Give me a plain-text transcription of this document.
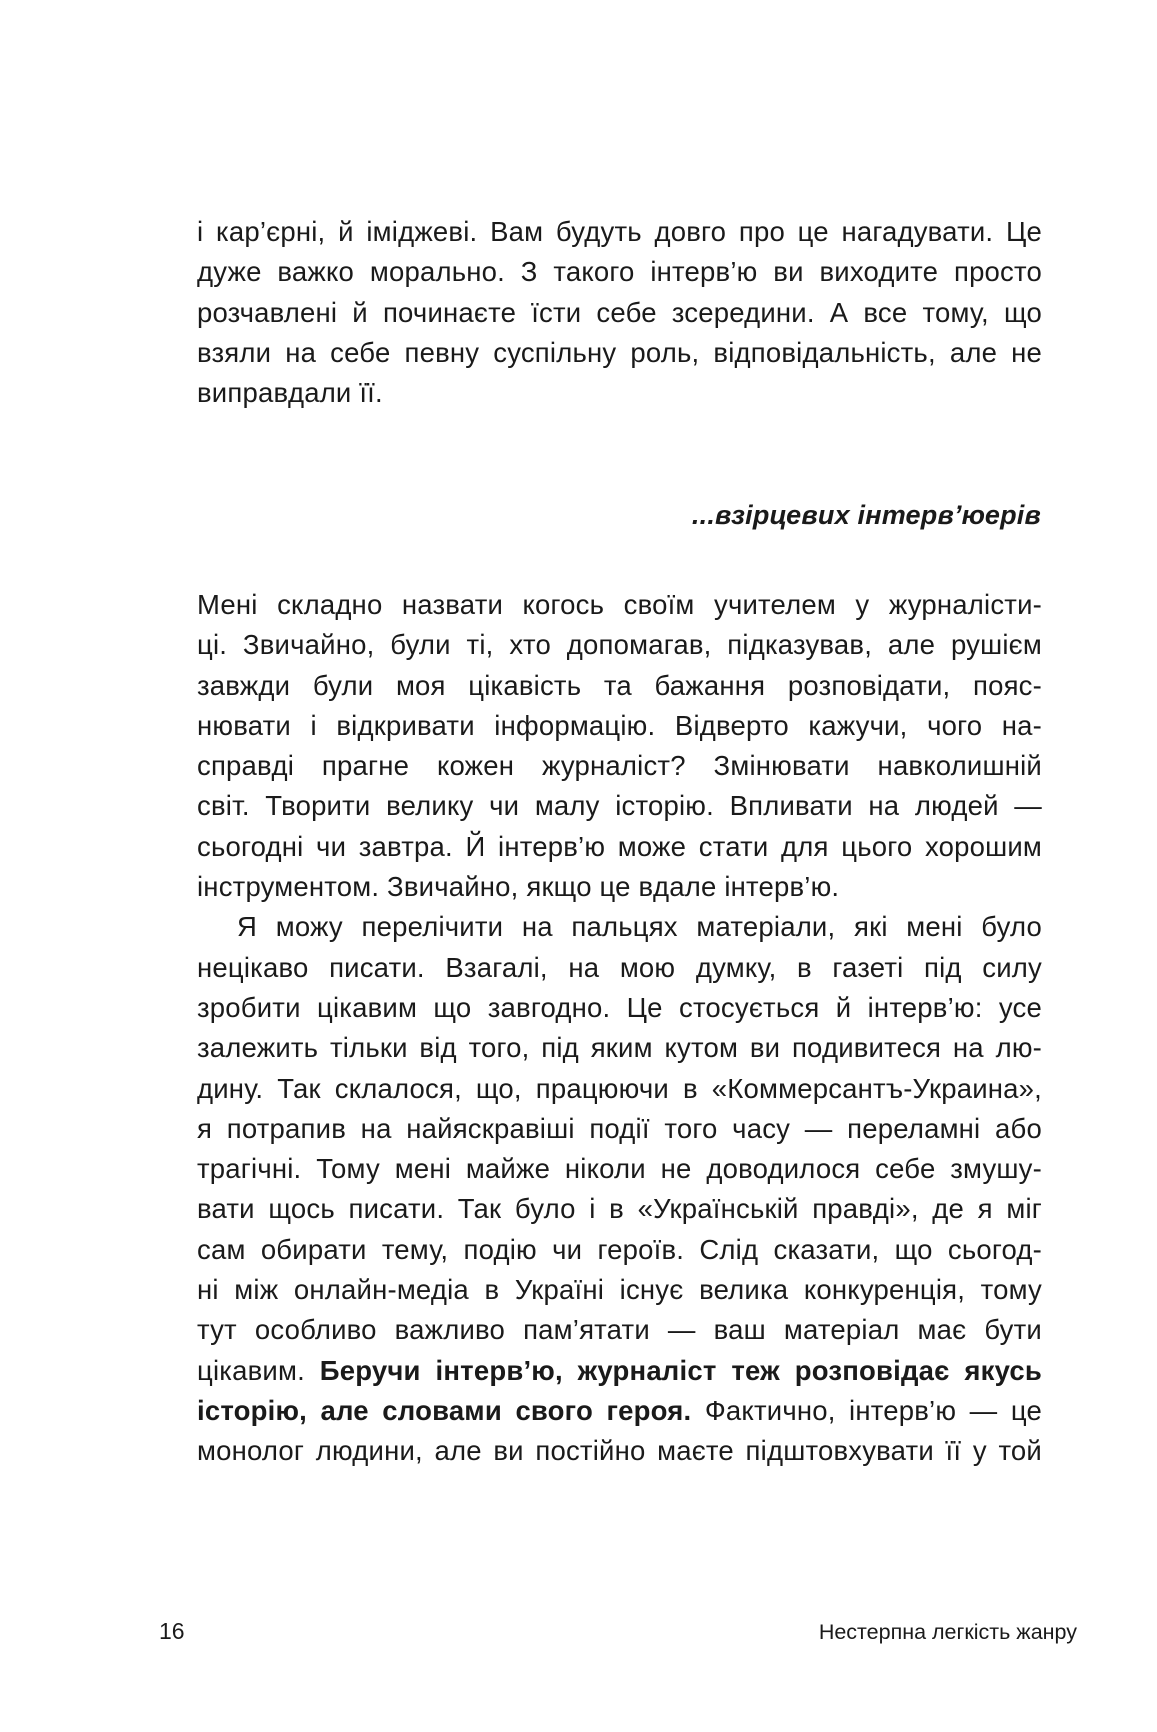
і кар’єрні, й іміджеві. Вам будуть довго про це нагадувати. Це
дуже важко морально. З такого інтерв’ю ви виходите просто
розчавлені й починаєте їсти себе зсередини. А все тому, що
взяли на себе певну суспільну роль, відповідальність, але не
виправдали її.
...взірцевих інтерв’юерів
Мені складно назвати когось своїм учителем у журналісти-
ці. Звичайно, були ті, хто допомагав, підказував, але рушієм
завжди були моя цікавість та бажання розповідати, пояс-
нювати і відкривати інформацію. Відверто кажучи, чого на-
справді прагне кожен журналіст? Змінювати навколишній
світ. Творити велику чи малу історію. Впливати на людей —
сьогодні чи завтра. Й інтерв’ю може стати для цього хорошим
інструментом. Звичайно, якщо це вдале інтерв’ю.
Я можу перелічити на пальцях матеріали, які мені було
нецікаво писати. Взагалі, на мою думку, в газеті під силу
зробити цікавим що завгодно. Це стосується й інтерв’ю: усе
залежить тільки від того, під яким кутом ви подивитеся на лю-
дину. Так склалося, що, працюючи в «Коммерсантъ-Украина»,
я потрапив на найяскравіші події того часу — переламні або
трагічні. Тому мені майже ніколи не доводилося себе змушу-
вати щось писати. Так було і в «Українській правді», де я міг
сам обирати тему, подію чи героїв. Слід сказати, що сьогод-
ні між онлайн-медіа в Україні існує велика конкуренція, тому
тут особливо важливо пам’ятати — ваш матеріал має бути
цікавим. Беручи інтерв’ю, журналіст теж розповідає якусь
історію, але словами свого героя. Фактично, інтерв’ю — це
монолог людини, але ви постійно маєте підштовхувати її у той
16	Нестерпна легкість жанру
